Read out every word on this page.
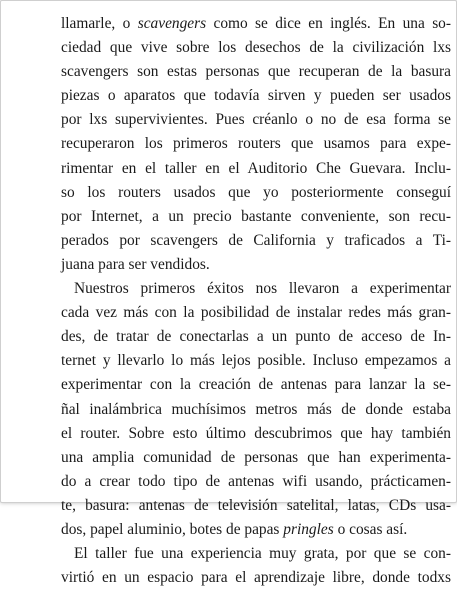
llamarle, o scavengers como se dice en inglés. En una so-
ciedad que vive sobre los desechos de la civilización lxs
scavengers son estas personas que recuperan de la basura
piezas o aparatos que todavía sirven y pueden ser usados
por lxs supervivientes. Pues créanlo o no de esa forma se
recuperaron los primeros routers que usamos para expe-
rimentar en el taller en el Auditorio Che Guevara. Inclu-
so los routers usados que yo posteriormente conseguí
por Internet, a un precio bastante conveniente, son recu-
perados por scavengers de California y traficados a Ti-
juana para ser vendidos.
Nuestros primeros éxitos nos llevaron a experimentar
cada vez más con la posibilidad de instalar redes más gran-
des, de tratar de conectarlas a un punto de acceso de In-
ternet y llevarlo lo más lejos posible. Incluso empezamos a
experimentar con la creación de antenas para lanzar la se-
ñal inalámbrica muchísimos metros más de donde estaba
el router. Sobre esto último descubrimos que hay también
una amplia comunidad de personas que han experimenta-
do a crear todo tipo de antenas wifi usando, prácticamen-
te, basura: antenas de televisión satelital, latas, CDs usa-
dos, papel aluminio, botes de papas pringles o cosas así.
El taller fue una experiencia muy grata, por que se con-
virtió en un espacio para el aprendizaje libre, donde todxs
